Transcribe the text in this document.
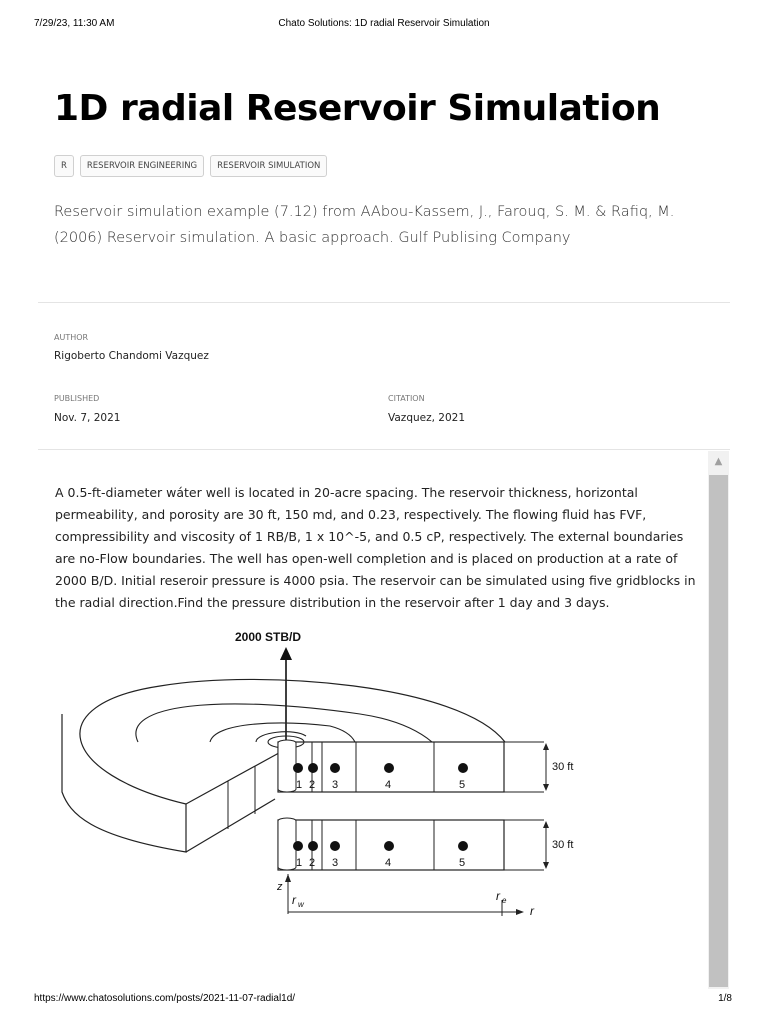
7/29/23, 11:30 AM	Chato Solutions: 1D radial Reservoir Simulation
1D radial Reservoir Simulation
R	RESERVOIR ENGINEERING	RESERVOIR SIMULATION

Reservoir simulation example (7.12) from AAbou-Kassem, J., Farouq, S. M. & Rafiq, M. (2006) Reservoir simulation. A basic approach. Gulf Publising Company

AUTHOR
Rigoberto Chandomi Vazquez
PUBLISHED
Nov. 7, 2021
CITATION
Vazquez, 2021

A 0.5-ft-diameter wáter well is located in 20-acre spacing. The reservoir thickness, horizontal permeability, and porosity are 30 ft, 150 md, and 0.23, respectively. The flowing fluid has FVF, compressibility and viscosity of 1 RB/B, 1 x 10^-5, and 0.5 cP, respectively. The external boundaries are no-Flow boundaries. The well has open-well completion and is placed on production at a rate of 2000 B/D. Initial reseroir pressure is 4000 psia. The reservoir can be simulated using five gridblocks in the radial direction.Find the pressure distribution in the reservoir after 1 day and 3 days.

2000 STB/D
1 2 3	4	5
30 ft
1 2 3	4	5
30 ft
z
r
r w
r e
▲
https://www.chatosolutions.com/posts/2021-11-07-radial1d/	1/8
